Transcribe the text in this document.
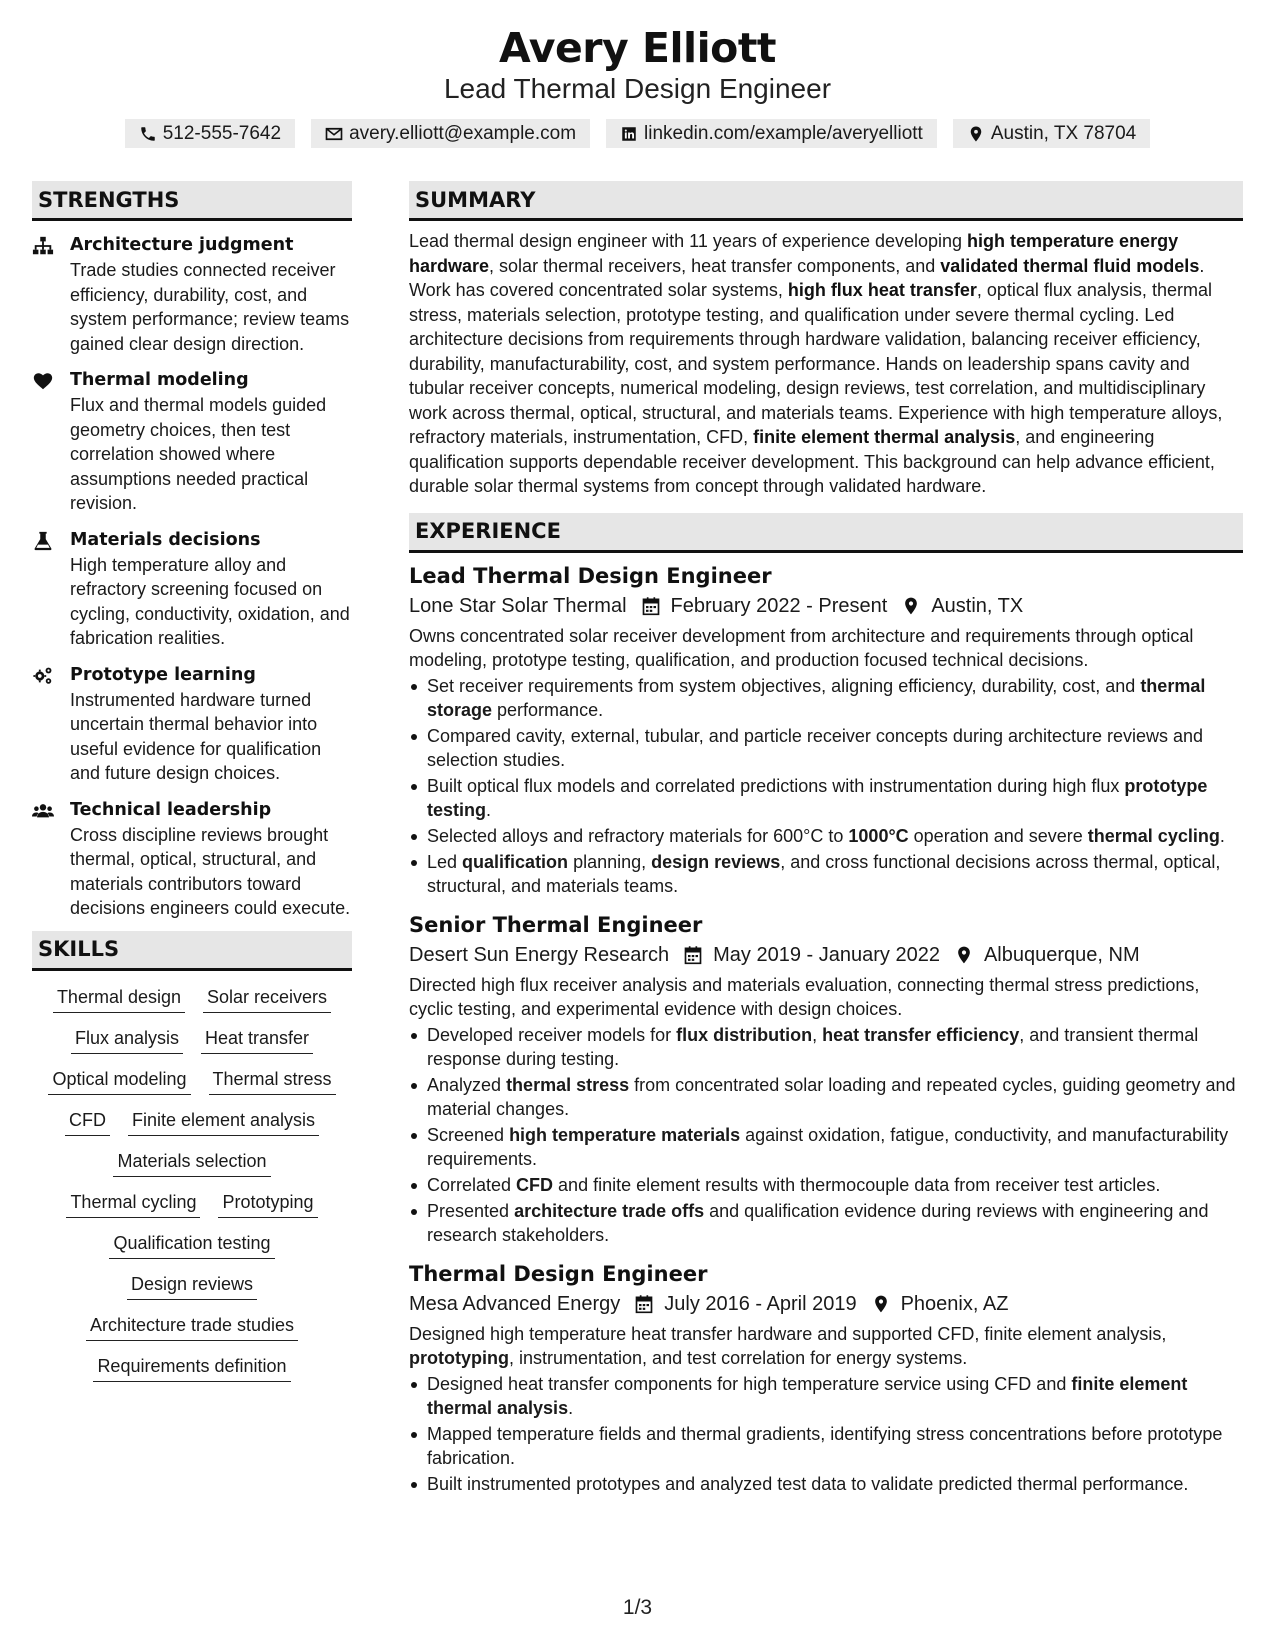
Avery Elliott
Lead Thermal Design Engineer
512-555-7642	avery.elliott@example.com	linkedin.com/example/averyelliott	Austin, TX 78704
STRENGTHS
Architecture judgment
Trade studies connected receiver efficiency, durability, cost, and system performance; review teams gained clear design direction.
Thermal modeling
Flux and thermal models guided geometry choices, then test correlation showed where assumptions needed practical revision.
Materials decisions
High temperature alloy and refractory screening focused on cycling, conductivity, oxidation, and fabrication realities.
Prototype learning
Instrumented hardware turned uncertain thermal behavior into useful evidence for qualification and future design choices.
Technical leadership
Cross discipline reviews brought thermal, optical, structural, and materials contributors toward decisions engineers could execute.
SKILLS
Thermal design Solar receivers
Flux analysis Heat transfer
Optical modeling Thermal stress
CFD Finite element analysis
Materials selection
Thermal cycling Prototyping
Qualification testing
Design reviews
Architecture trade studies
Requirements definition
SUMMARY

Lead thermal design engineer with 11 years of experience developing high temperature energy hardware, solar thermal receivers, heat transfer components, and validated thermal fluid models. Work has covered concentrated solar systems, high flux heat transfer, optical flux analysis, thermal stress, materials selection, prototype testing, and qualification under severe thermal cycling. Led architecture decisions from requirements through hardware validation, balancing receiver efficiency, durability, manufacturability, cost, and system performance. Hands on leadership spans cavity and tubular receiver concepts, numerical modeling, design reviews, test correlation, and multidisciplinary work across thermal, optical, structural, and materials teams. Experience with high temperature alloys, refractory materials, instrumentation, CFD, finite element thermal analysis, and engineering qualification supports dependable receiver development. This background can help advance efficient, durable solar thermal systems from concept through validated hardware.

EXPERIENCE
Lead Thermal Design Engineer
Lone Star Solar Thermal February 2022 - Present Austin, TX

Owns concentrated solar receiver development from architecture and requirements through optical modeling, prototype testing, qualification, and production focused technical decisions.

Set receiver requirements from system objectives, aligning efficiency, durability, cost, and thermal storage performance.
Compared cavity, external, tubular, and particle receiver concepts during architecture reviews and selection studies.
Built optical flux models and correlated predictions with instrumentation during high flux prototype testing.
Selected alloys and refractory materials for 600°C to 1000°C operation and severe thermal cycling.
Led qualification planning, design reviews, and cross functional decisions across thermal, optical, structural, and materials teams.
Senior Thermal Engineer
Desert Sun Energy Research May 2019 - January 2022 Albuquerque, NM

Directed high flux receiver analysis and materials evaluation, connecting thermal stress predictions, cyclic testing, and experimental evidence with design choices.

Developed receiver models for flux distribution, heat transfer efficiency, and transient thermal response during testing.
Analyzed thermal stress from concentrated solar loading and repeated cycles, guiding geometry and material changes.
Screened high temperature materials against oxidation, fatigue, conductivity, and manufacturability requirements.
Correlated CFD and finite element results with thermocouple data from receiver test articles.
Presented architecture trade offs and qualification evidence during reviews with engineering and research stakeholders.
Thermal Design Engineer
Mesa Advanced Energy July 2016 - April 2019 Phoenix, AZ

Designed high temperature heat transfer hardware and supported CFD, finite element analysis, prototyping, instrumentation, and test correlation for energy systems.

Designed heat transfer components for high temperature service using CFD and finite element thermal analysis.
Mapped temperature fields and thermal gradients, identifying stress concentrations before prototype fabrication.
Built instrumented prototypes and analyzed test data to validate predicted thermal performance.
1/3
